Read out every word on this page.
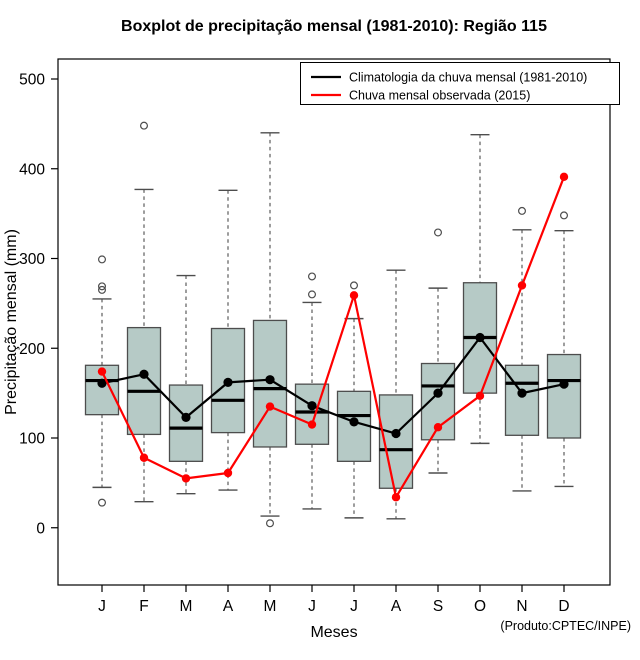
Boxplot de precipitação mensal (1981-2010): Região 115
Precipitação mensal (mm)
0
100
200
300
400
500
J F M A M J J A S O N D
Climatologia da chuva mensal (1981-2010)
Chuva mensal observada (2015)
Meses	(Produto:CPTEC/INPE)
